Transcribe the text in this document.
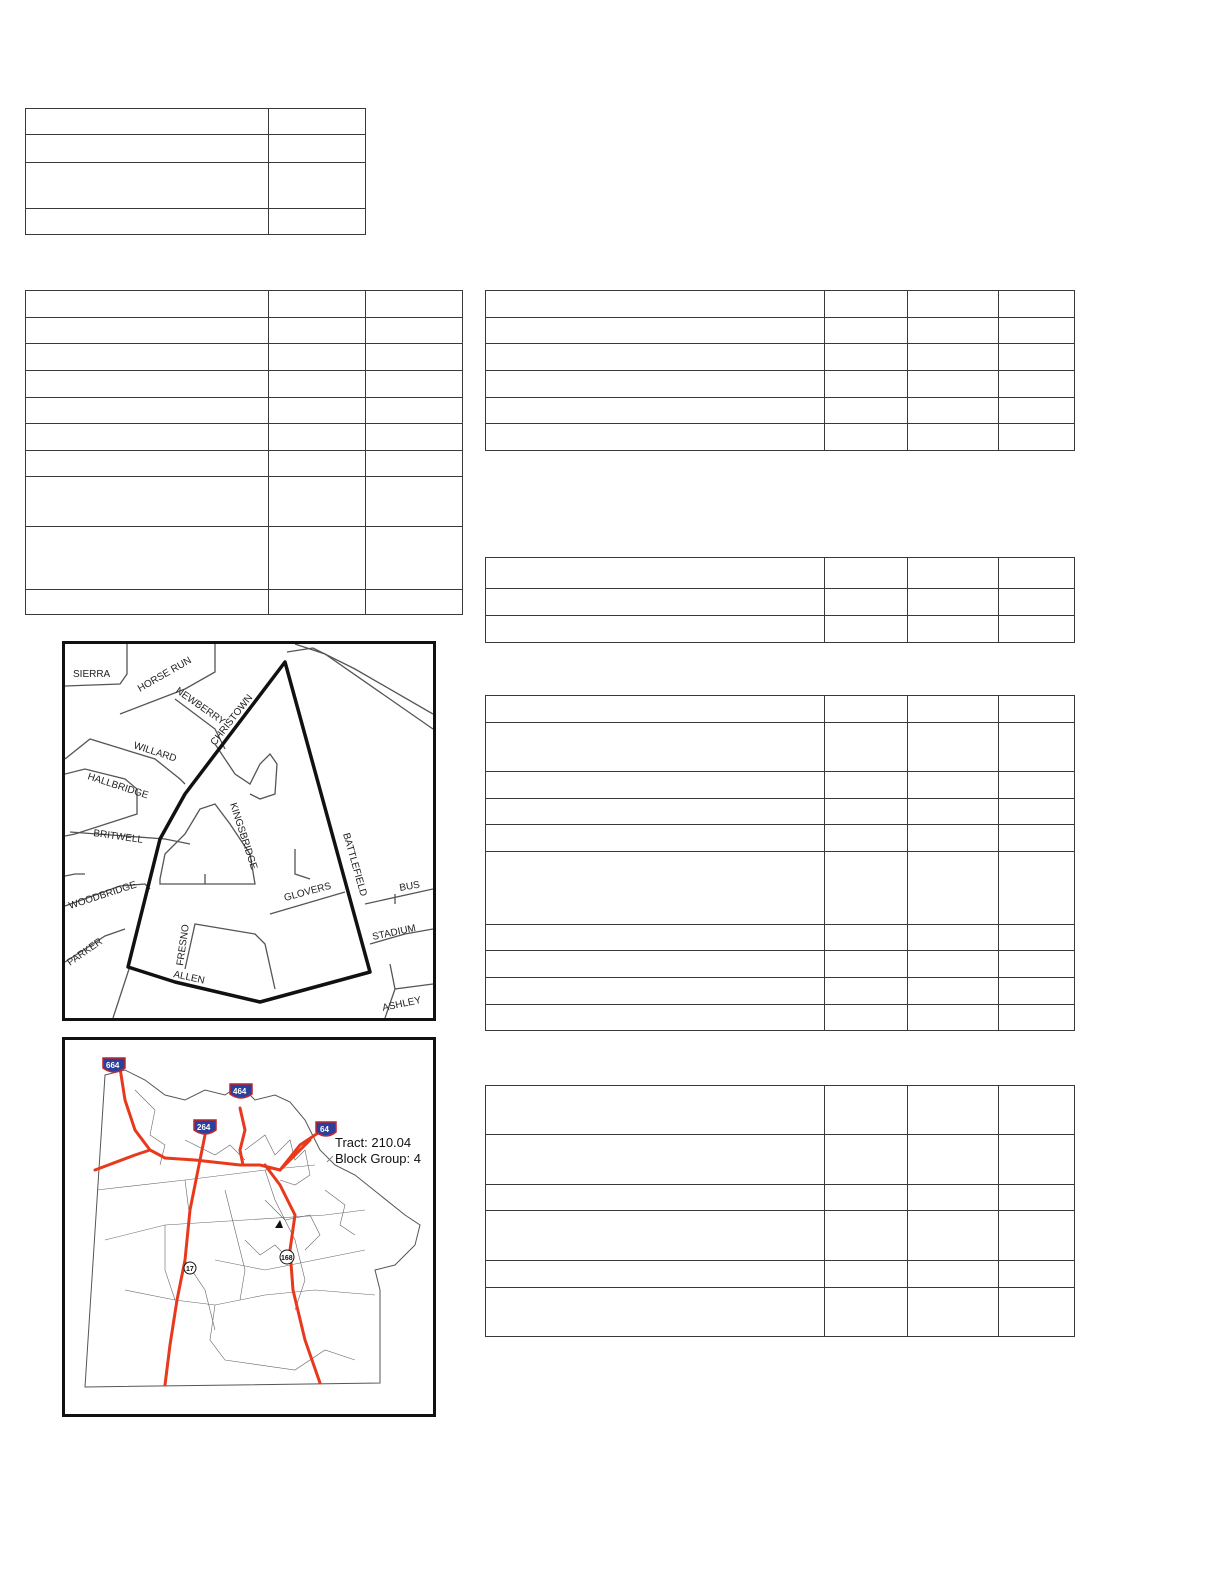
SIERRA	HORSE RUN
NEWBERRY
CHRISTOWN
WILLARD
HALLBRIDGE
BRITWELL	KINGSBRIDGE	BATTLEFIELD
WOODBRIDGE	GLOVERS	BUS
STADIUM
FRESNO
PARKER
ALLEN
ASHLEY
664
464
264	64
17
168
Tract: 210.04
Block Group: 4
